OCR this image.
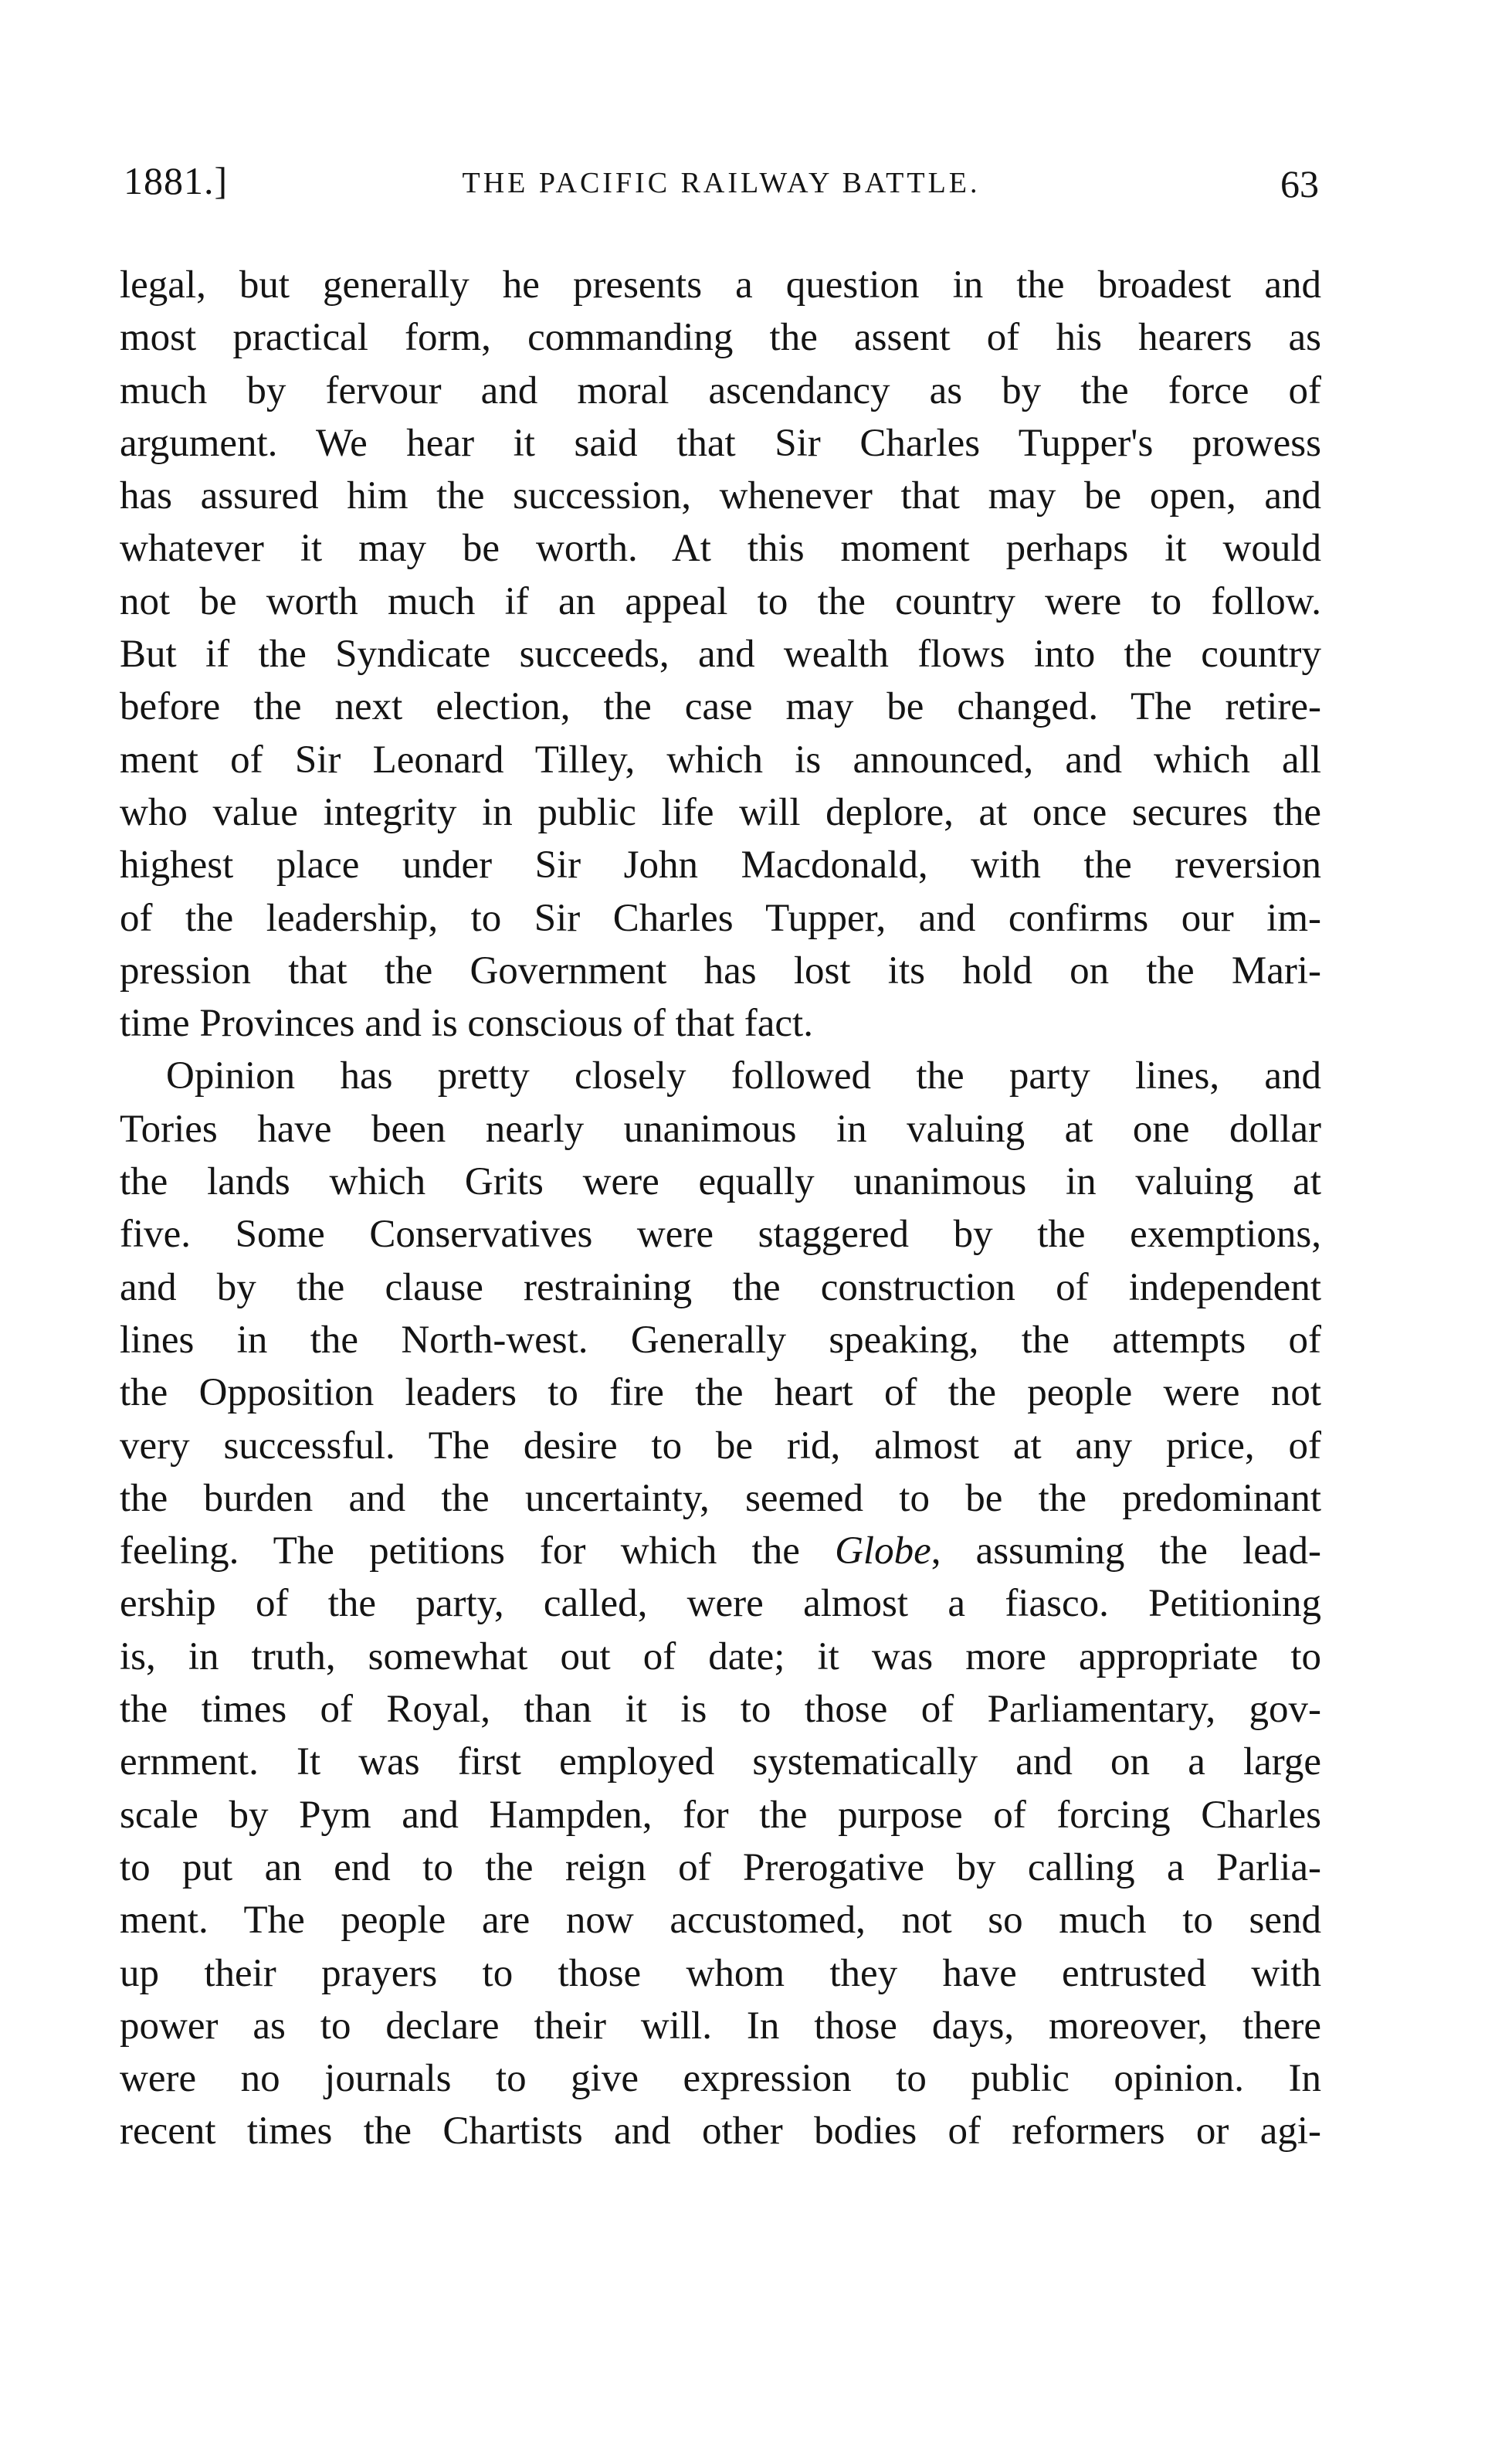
1881.]	THE PACIFIC RAILWAY BATTLE.	63
legal, but generally he presents a question in the broadest and
most practical form, commanding the assent of his hearers as
much by fervour and moral ascendancy as by the force of
argument. We hear it said that Sir Charles Tupper's prowess
has assured him the succession, whenever that may be open, and
whatever it may be worth. At this moment perhaps it would
not be worth much if an appeal to the country were to follow.
But if the Syndicate succeeds, and wealth flows into the country
before the next election, the case may be changed. The retire-
ment of Sir Leonard Tilley, which is announced, and which all
who value integrity in public life will deplore, at once secures the
highest place under Sir John Macdonald, with the reversion
of the leadership, to Sir Charles Tupper, and confirms our im-
pression that the Government has lost its hold on the Mari-
time Provinces and is conscious of that fact.
Opinion has pretty closely followed the party lines, and
Tories have been nearly unanimous in valuing at one dollar
the lands which Grits were equally unanimous in valuing at
five. Some Conservatives were staggered by the exemptions,
and by the clause restraining the construction of independent
lines in the North-west. Generally speaking, the attempts of
the Opposition leaders to fire the heart of the people were not
very successful. The desire to be rid, almost at any price, of
the burden and the uncertainty, seemed to be the predominant
feeling. The petitions for which the Globe, assuming the lead-
ership of the party, called, were almost a fiasco. Petitioning
is, in truth, somewhat out of date; it was more appropriate to
the times of Royal, than it is to those of Parliamentary, gov-
ernment. It was first employed systematically and on a large
scale by Pym and Hampden, for the purpose of forcing Charles
to put an end to the reign of Prerogative by calling a Parlia-
ment. The people are now accustomed, not so much to send
up their prayers to those whom they have entrusted with
power as to declare their will. In those days, moreover, there
were no journals to give expression to public opinion. In
recent times the Chartists and other bodies of reformers or agi-
